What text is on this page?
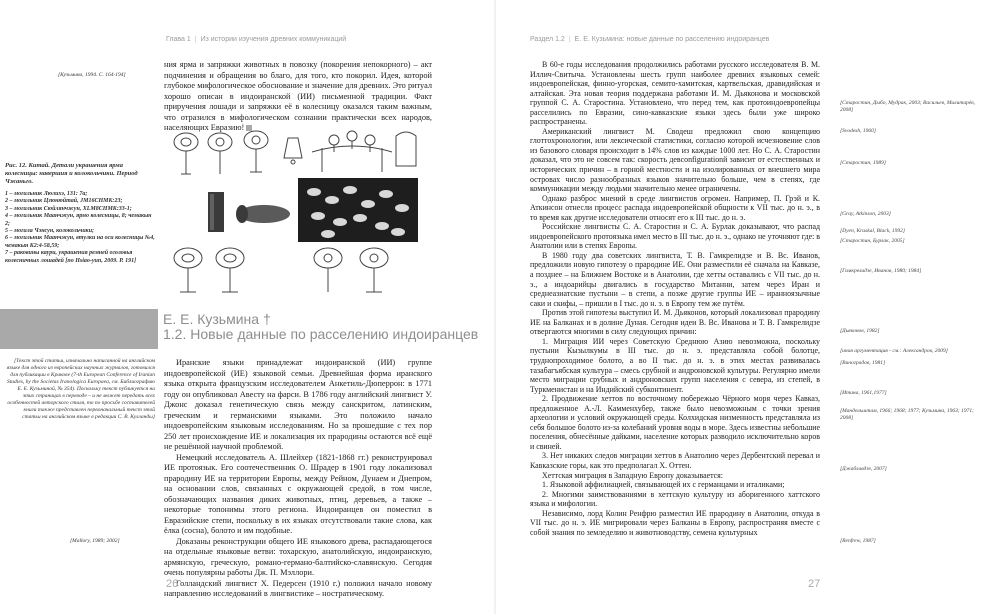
Глава 1 | Из истории изучения древних коммуникаций
[Кузьмина, 1994. С. 164-194]

ния ярма и запряжки животных в повозку (покорения непокорного) – акт подчинения и обращения во благо, для того, кто покорил. Идея, которой глубокое мифологическое обоснование и значение для древних. Это ритуал хорошо описан в индоиранской (ИИ) письменной традиции. Факт приручения лошади и запряжки её в колесницу оказался таким важным, что отразился в мифологическом сознании практически всех народов, населяющих Евразию!

Рис. 12. Китай. Детали украшения ярма колесницы: навершия и колокольчики. Период Чжаньго.
1 – могильник Люлихэ, 131: 7а;
2 – могильник Цзюнюйтай, JM16CHMK:23;
3 – могильник Сюйлянчжун, XLM8CHMK:33-1;
4 – могильник Маанчжун, ярмо колесницы, 8; чемакын 2;
5 – могила Чэнсун, колокольчики;
6 – могильник Маанчжун, втулки на оси колесницы №4, чемакын K2:4-58,59;
7 – раковины каури, украшения ремней оголовья колесничных лошадей [по Hsiao-yun, 2009. P. 191]
Е. Е. Кузьмина †
1.2. Новые данные по расселению индоиранцев
[Текст этой статьи, изначально написанной на английском языке для одного из европейских научных журналов, готовился для публикации в Кракове (7-th European Conference of Iranian Studies, by the Societas Iranologica Europaea, см. Библиографию Е. Е. Кузьминой, № 354). Поскольку текст публикуется на этих страницах в переводе – и не может передать всех особенностей авторского стиля, то по просьбе составителей книги также представлен первоначальный текст этой статьи на английском языке в редакции С. В. Кулланды]
[Mallory, 1989; 2002]

Иранские языки принадлежат индоиранской (ИИ) группе индоевропейской (ИЕ) языковой семьи. Древнейшая форма иранского языка открыта французским исследователем Анкетиль-Дюперрон: в 1771 году он опубликовал Авесту на фарси. В 1786 году английский лингвист У. Джонс доказал генетическую связь между санскритом, латинским, греческим и германскими языками. Это положило начало индоевропейским языковым исследованиям. Но за прошедшие с тех пор 250 лет происхождение ИЕ и локализация их прародины остаются всё ещё не решённой научной проблемой.

Немецкий исследователь А. Шлейхер (1821-1868 гг.) реконструировал ИЕ протоязык. Его соотечественник О. Шрадер в 1901 году локализовал прародину ИЕ на территории Европы, между Рейном, Дунаем и Днепром, на основании слов, связанных с окружающей средой, в том числе, обозначающих названия диких животных, птиц, деревьев, а также – некоторые топонимы этого региона. Индоиранцев он поместил в Евразийские степи, поскольку в их языках отсутствовали такие слова, как ёлка (сосна), болото и им подобные.

Доказаны реконструкции общего ИЕ языкового древа, распадающегося на отдельные языковые ветви: тохарскую, анатолийскую, индоиранскую, армянскую, греческую, романо-германо-балтийско-славянскую. Сегодня очень популярны работы Дж. П. Мэллори.

Голландский лингвист Х. Педерсен (1910 г.) положил начало новому направлению исследований в лингвистике – ностратическому.

26
Раздел 1.2 | Е. Е. Кузьмина: новые данные по расселению индоиранцев

В 60-е годы исследования продолжились работами русского исследователя В. М. Иллич-Свитыча. Установлены шесть групп наиболее древних языковых семей: индоевропейская, финно-угорская, семито-хамитская, картвельская, дравидийская и алтайская. Эта новая теория поддержана работами И. М. Дьяконова и московской группой С. А. Старостина. Установлено, что перед тем, как протоиндоевропейцы расселились по Евразии, сино-кавказские языки здесь были уже широко распространены.

Американский лингвист М. Сводеш предложил свою концепцию глоттохронологии, или лексической статистики, согласно которой исчезновение слов из базового словаря происходит в 14% слов из каждые 1000 лет. Но С. А. Старостин доказал, что это не совсем так: скорость девconfigurationй зависит от естественных и историческиx причин – в горной местности и на изолированных от внешнего мира островах число разнообразных языков значительно больше, чем в степях, где коммуникации между людьми значительно менее ограничены.

Однако разброс мнений в среде лингвистов огромен. Например, П. Грэй и К. Аткинсон отнесли процесс распада индоевропейской общности к VII тыс. до н. э., в то время как другие исследователи относят его к III тыс. до н. э.

Российские лингвисты С. А. Старостин и С. А. Бурлак доказывают, что распад индоевропейского протоязыка имел место в III тыс. до н. э., однако не уточняют где: в Анатолии или в степях Европы.

В 1980 году два советских лингвиста, Т. В. Гамкрелидзе и В. Вс. Иванов, предложили новую гипотезу о прародине ИЕ. Они разместили её сначала на Кавказе, а позднее – на Ближнем Востоке и в Анатолии, где хетты оставались с VII тыс. до н. э., а индоарийцы двигались в государство Митанни, затем через Иран и среднеазиатские пустыни – в степи, а позже другие группы ИЕ – иранноязычные саки и скифы, – пришли в I тыс. до н. э. в Европу тем же путём.

Против этой гипотезы выступил И. М. Дьяконов, который локализовал прародину ИЕ на Балканах и в долине Дуная. Сегодня идеи В. Вс. Иванова и Т. В. Гамкрелидзе отвергаются многими в силу следующих причин:

1. Миграция ИИ через Советскую Среднюю Азию невозможна, поскольку пустыни Кызылкумы в III тыс. до н. э. представляла собой болотце, труднопроходимое болото, а во II тыс. до н. э. в этих местах развивалась тазабагъябская культура – смесь срубной и андроновской культуры. Регулярно имели место миграции срубных и андроновских групп населения с севера, из степей, в Туркменистан и на Индийский субконтинент.

2. Продвижение хеттов по восточному побережью Чёрного моря через Кавказ, предложенное А.-Л. Камменхубер, также было невозможным с точки зрения археологии и условий окружающей среды. Колхидская низменность представляла из себя большое болото из-за колебаний уровня воды в море. Здесь известны небольшие поселения, обнесённые дайками, население которых разводило исключительно коров и свиней.

3. Нет никаких следов миграции хеттов в Анатолию через Дербентский перевал и Кавказские горы, как это предполагал Х. Оттен.

Хеттская миграция в Западную Европу доказывается:

1. Языковой аффилиацией, связывающей их с германцами и италиками;

2. Многими заимствованиями в хеттскую культуру из аборигенного хаттского языка и мифологии.

Независимо, лорд Колин Ренфрю разместил ИЕ прародину в Анатолии, откуда в VII тыс. до н. э. ИЕ мигрировали через Балканы в Европу, распространяя вместе с собой знания по земледелию и животноводству, семена культурных

[Старостин, Дыбо, Мудрак, 2003; Васильев, Милитарёв, 2008]
[Svodesh, 1960]
[Старостин, 1989]
[Gray, Atkinson, 2003]
[Dyen, Kruskal, Black, 1992]
[Старостин, Бурлак, 2005]
[Гамкрелидзе, Иванов, 1980; 1984]
[Дьяконов, 1982]
[иная аргументация - см.: Александров, 2009]
[Виноградов, 1981]
[Итина, 1961,1977]
[Мандельштам, 1966; 1968; 1977; Кузьмина, 1963; 1971; 2008]
[Джаблавдзе, 2007]
[Renfrew, 1987]
27
